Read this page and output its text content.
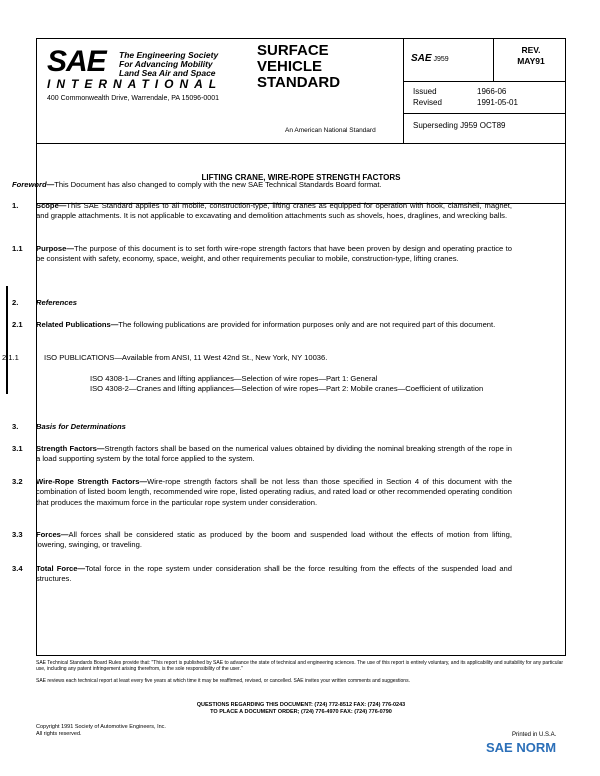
SAE The Engineering Society
For Advancing Mobility
Land Sea Air and Space
INTERNATIONAL
400 Commonwealth Drive, Warrendale, PA 15096-0001
SURFACE
VEHICLE
STANDARD
An American National Standard
SAE J959
REV.
MAY91
Issued	1966-06
Revised	1991-05-01
Superseding J959 OCT89
LIFTING CRANE, WIRE-ROPE STRENGTH FACTORS
Foreword—This Document has also changed to comply with the new SAE Technical Standards Board format.
1.	Scope—This SAE Standard applies to all mobile, construction-type, lifting cranes as equipped for operation with hook, clamshell, magnet, and grapple attachments. It is not applicable to excavating and demolition attachments such as shovels, hoes, draglines, and wrecking balls.
1.1	Purpose—The purpose of this document is to set forth wire-rope strength factors that have been proven by design and operating practice to be consistent with safety, economy, space, weight, and other requirements peculiar to mobile, construction-type, lifting cranes.
2.	References
2.1	Related Publications—The following publications are provided for information purposes only and are not required part of this document.
2.1.1	ISO PUBLICATIONS—Available from ANSI, 11 West 42nd St., New York, NY 10036.
ISO 4308-1—Cranes and lifting appliances—Selection of wire ropes—Part 1: General
ISO 4308-2—Cranes and lifting appliances—Selection of wire ropes—Part 2: Mobile cranes—Coefficient of utilization
3.	Basis for Determinations
3.1	Strength Factors—Strength factors shall be based on the numerical values obtained by dividing the nominal breaking strength of the rope in a load supporting system by the total force applied to the system.
3.2	Wire-Rope Strength Factors—Wire-rope strength factors shall be not less than those specified in Section 4 of this document with the combination of listed boom length, recommended wire rope, listed operating radius, and rated load or other recommended operating condition that produces the maximum force in the particular rope system under consideration.
3.3	Forces—All forces shall be considered static as produced by the boom and suspended load without the effects of motion from lifting, lowering, swinging, or traveling.
3.4	Total Force—Total force in the rope system under consideration shall be the force resulting from the effects of the suspended load and structures.
SAE Technical Standards Board Rules provide that: "This report is published by SAE to advance the state of technical and engineering sciences. The use of this report is entirely voluntary, and its applicability and suitability for any particular use, including any patent infringement arising therefrom, is the sole responsibility of the user."
SAE reviews each technical report at least every five years at which time it may be reaffirmed, revised, or cancelled. SAE invites your written comments and suggestions.
QUESTIONS REGARDING THIS DOCUMENT: (724) 772-8512 FAX: (724) 776-0243
TO PLACE A DOCUMENT ORDER; (724) 776-4970 FAX: (724) 776-0790
Copyright 1991 Society of Automotive Engineers, Inc.
All rights reserved.	Printed in U.S.A.
SAE NORM
